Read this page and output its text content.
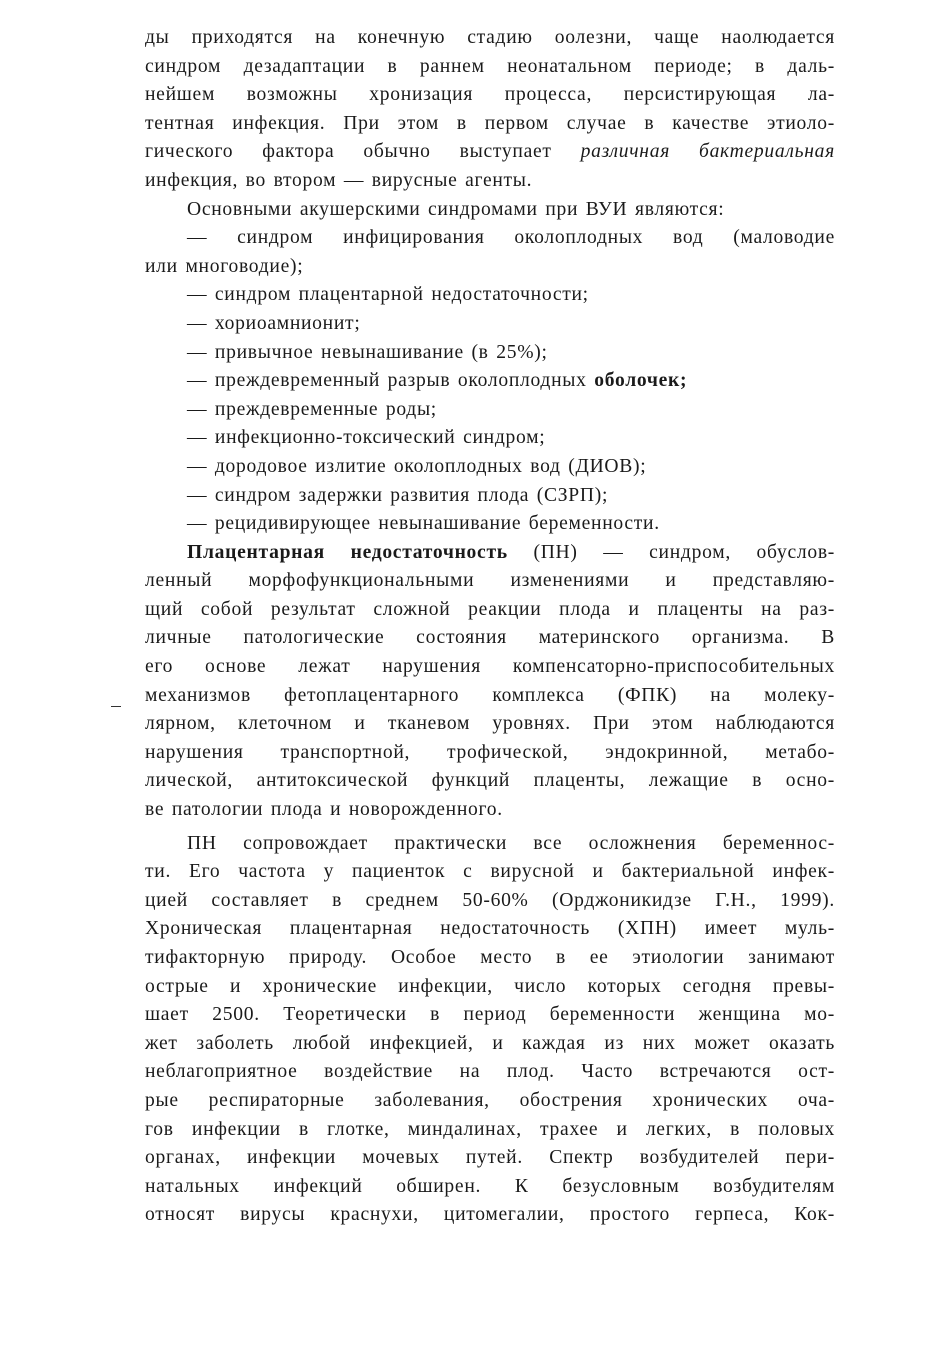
ды приходятся на конечную стадию оолезни, чаще наолюдается
синдром дезадаптации в раннем неонатальном периоде; в даль-
нейшем возможны хронизация процесса, персистирующая ла-
тентная инфекция. При этом в первом случае в качестве этиоло-
гического фактора обычно выступает различная бактериальная
инфекция, во втором — вирусные агенты.
Основными акушерскими синдромами при ВУИ являются:
— синдром инфицирования околоплодных вод (маловодие
или многоводие);
— синдром плацентарной недостаточности;
— хориоамнионит;
— привычное невынашивание (в 25%);
— преждевременный разрыв околоплодных оболочек;
— преждевременные роды;
— инфекционно-токсический синдром;
— дородовое излитие околоплодных вод (ДИОВ);
— синдром задержки развития плода (СЗРП);
— рецидивирующее невынашивание беременности.
Плацентарная недостаточность (ПН) — синдром, обуслов-
ленный морфофункциональными изменениями и представляю-
щий собой результат сложной реакции плода и плаценты на раз-
личные патологические состояния материнского организма. В
его основе лежат нарушения компенсаторно-приспособительных
механизмов фетоплацентарного комплекса (ФПК) на молеку-
лярном, клеточном и тканевом уровнях. При этом наблюдаются
нарушения транспортной, трофической, эндокринной, метабо-
лической, антитоксической функций плаценты, лежащие в осно-
ве патологии плода и новорожденного.
ПН сопровождает практически все осложнения беременнос-
ти. Его частота у пациенток с вирусной и бактериальной инфек-
цией составляет в среднем 50-60% (Орджоникидзе Г.Н., 1999).
Хроническая плацентарная недостаточность (ХПН) имеет муль-
тифакторную природу. Особое место в ее этиологии занимают
острые и хронические инфекции, число которых сегодня превы-
шает 2500. Теоретически в период беременности женщина мо-
жет заболеть любой инфекцией, и каждая из них может оказать
неблагоприятное воздействие на плод. Часто встречаются ост-
рые респираторные заболевания, обострения хронических оча-
гов инфекции в глотке, миндалинах, трахее и легких, в половых
органах, инфекции мочевых путей. Спектр возбудителей пери-
натальных инфекций обширен. К безусловным возбудителям
относят вирусы краснухи, цитомегалии, простого герпеса, Кок-
